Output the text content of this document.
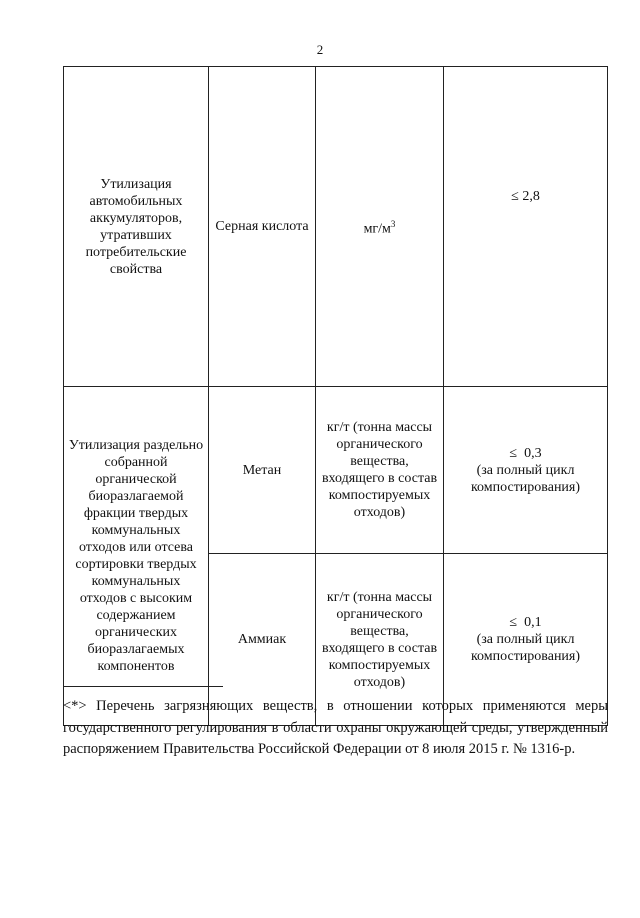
2
Утилизация автомобильных аккумуляторов, утративших потребительские свойства	Серная кислота	$мг/м^3$	≤ 2,8
Утилизация раздельно собранной органической биоразлагаемой фракции твердых коммунальных отходов или отсева сортировки твердых коммунальных отходов с высоким содержанием органических биоразлагаемых компонентов	Метан	кг/т (тонна массы органического вещества, входящего в состав компостируемых отходов)	≤  0,3
(за полный цикл компостирования)

	Аммиак	кг/т (тонна массы органического вещества, входящего в состав компостируемых отходов)	≤  0,1
(за полный цикл компостирования)
<*> Перечень загрязняющих веществ, в отношении которых применяются меры государственного регулирования в области охраны окружающей среды, утвержденный распоряжением Правительства Российской Федерации от 8 июля 2015 г. № 1316-р.
